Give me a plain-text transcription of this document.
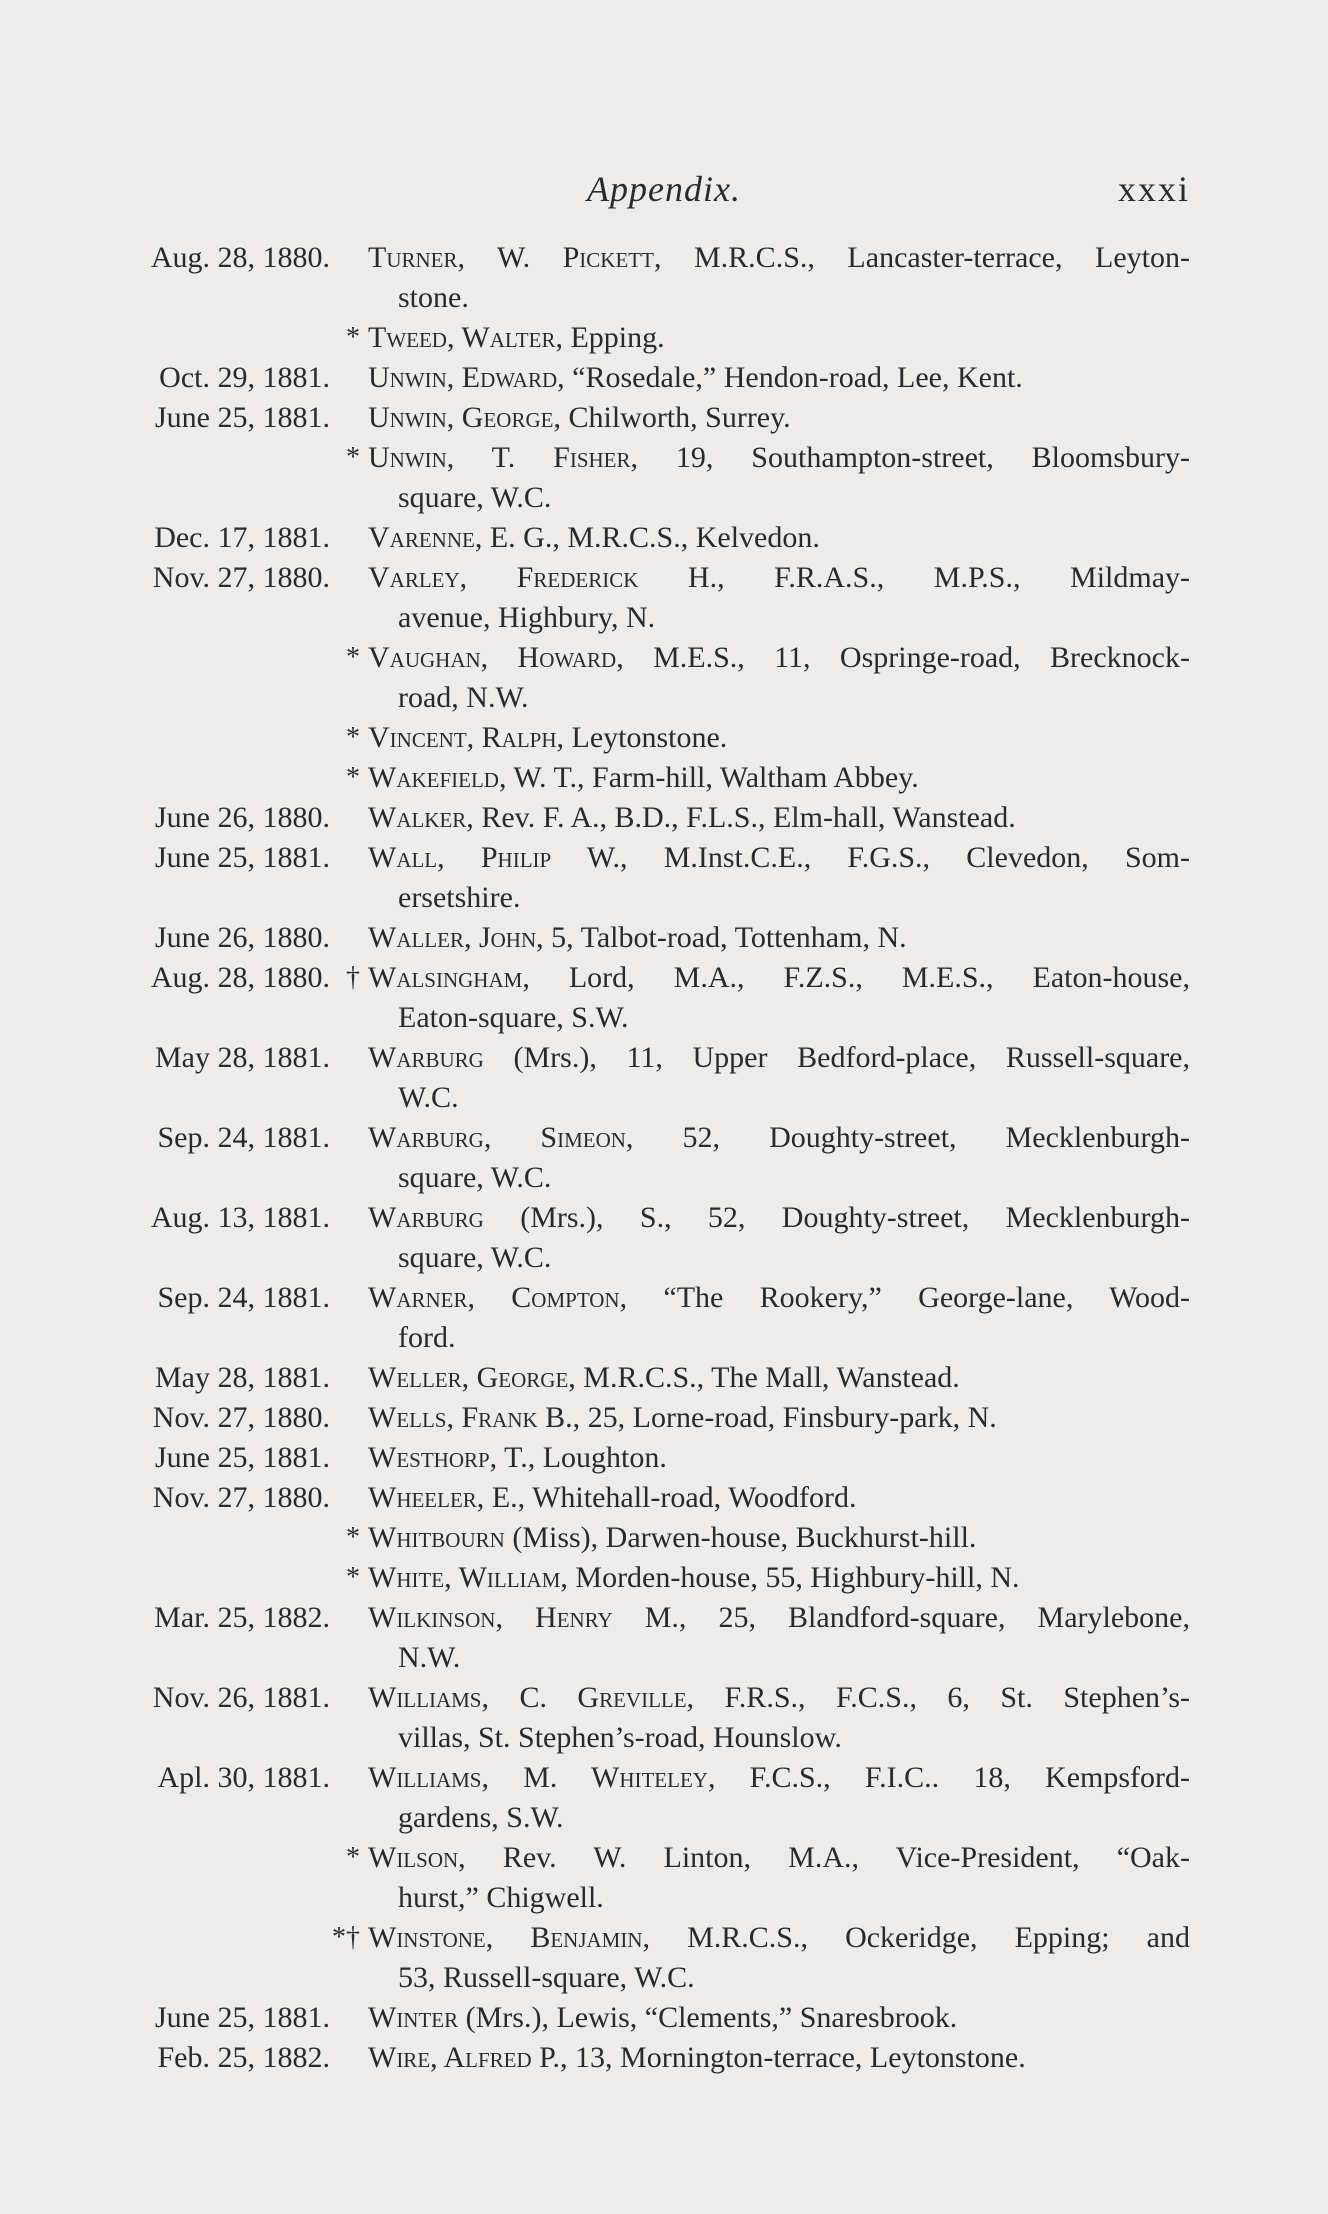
Appendix.	xxxi
Aug. 28, 1880. Turner, W. Pickett, M.R.C.S., Lancaster-terrace, Leyton-
stone.
* Tweed, Walter, Epping.
Oct. 29, 1881. Unwin, Edward, “Rosedale,” Hendon-road, Lee, Kent.
June 25, 1881. Unwin, George, Chilworth, Surrey.
* Unwin, T. Fisher, 19, Southampton-street, Bloomsbury-
square, W.C.
Dec. 17, 1881. Varenne, E. G., M.R.C.S., Kelvedon.
Nov. 27, 1880. Varley, Frederick H., F.R.A.S., M.P.S., Mildmay-
avenue, Highbury, N.
* Vaughan, Howard, M.E.S., 11, Ospringe-road, Brecknock-
road, N.W.
* Vincent, Ralph, Leytonstone.
* Wakefield, W. T., Farm-hill, Waltham Abbey.
June 26, 1880. Walker, Rev. F. A., B.D., F.L.S., Elm-hall, Wanstead.
June 25, 1881. Wall, Philip W., M.Inst.C.E., F.G.S., Clevedon, Som-
ersetshire.
June 26, 1880. Waller, John, 5, Talbot-road, Tottenham, N.
Aug. 28, 1880. † Walsingham, Lord, M.A., F.Z.S., M.E.S., Eaton-house,
Eaton-square, S.W.
May 28, 1881. Warburg (Mrs.), 11, Upper Bedford-place, Russell-square,
W.C.
Sep. 24, 1881. Warburg, Simeon, 52, Doughty-street, Mecklenburgh-
square, W.C.
Aug. 13, 1881. Warburg (Mrs.), S., 52, Doughty-street, Mecklenburgh-
square, W.C.
Sep. 24, 1881. Warner, Compton, “The Rookery,” George-lane, Wood-
ford.
May 28, 1881. Weller, George, M.R.C.S., The Mall, Wanstead.
Nov. 27, 1880. Wells, Frank B., 25, Lorne-road, Finsbury-park, N.
June 25, 1881. Westhorp, T., Loughton.
Nov. 27, 1880. Wheeler, E., Whitehall-road, Woodford.
* Whitbourn (Miss), Darwen-house, Buckhurst-hill.
* White, William, Morden-house, 55, Highbury-hill, N.
Mar. 25, 1882. Wilkinson, Henry M., 25, Blandford-square, Marylebone,
N.W.
Nov. 26, 1881. Williams, C. Greville, F.R.S., F.C.S., 6, St. Stephen’s-
villas, St. Stephen’s-road, Hounslow.
Apl. 30, 1881. Williams, M. Whiteley, F.C.S., F.I.C.. 18, Kempsford-
gardens, S.W.
* Wilson, Rev. W. Linton, M.A., Vice-President, “Oak-
hurst,” Chigwell.
*† Winstone, Benjamin, M.R.C.S., Ockeridge, Epping; and
53, Russell-square, W.C.
June 25, 1881. Winter (Mrs.), Lewis, “Clements,” Snaresbrook.
Feb. 25, 1882. Wire, Alfred P., 13, Mornington-terrace, Leytonstone.
